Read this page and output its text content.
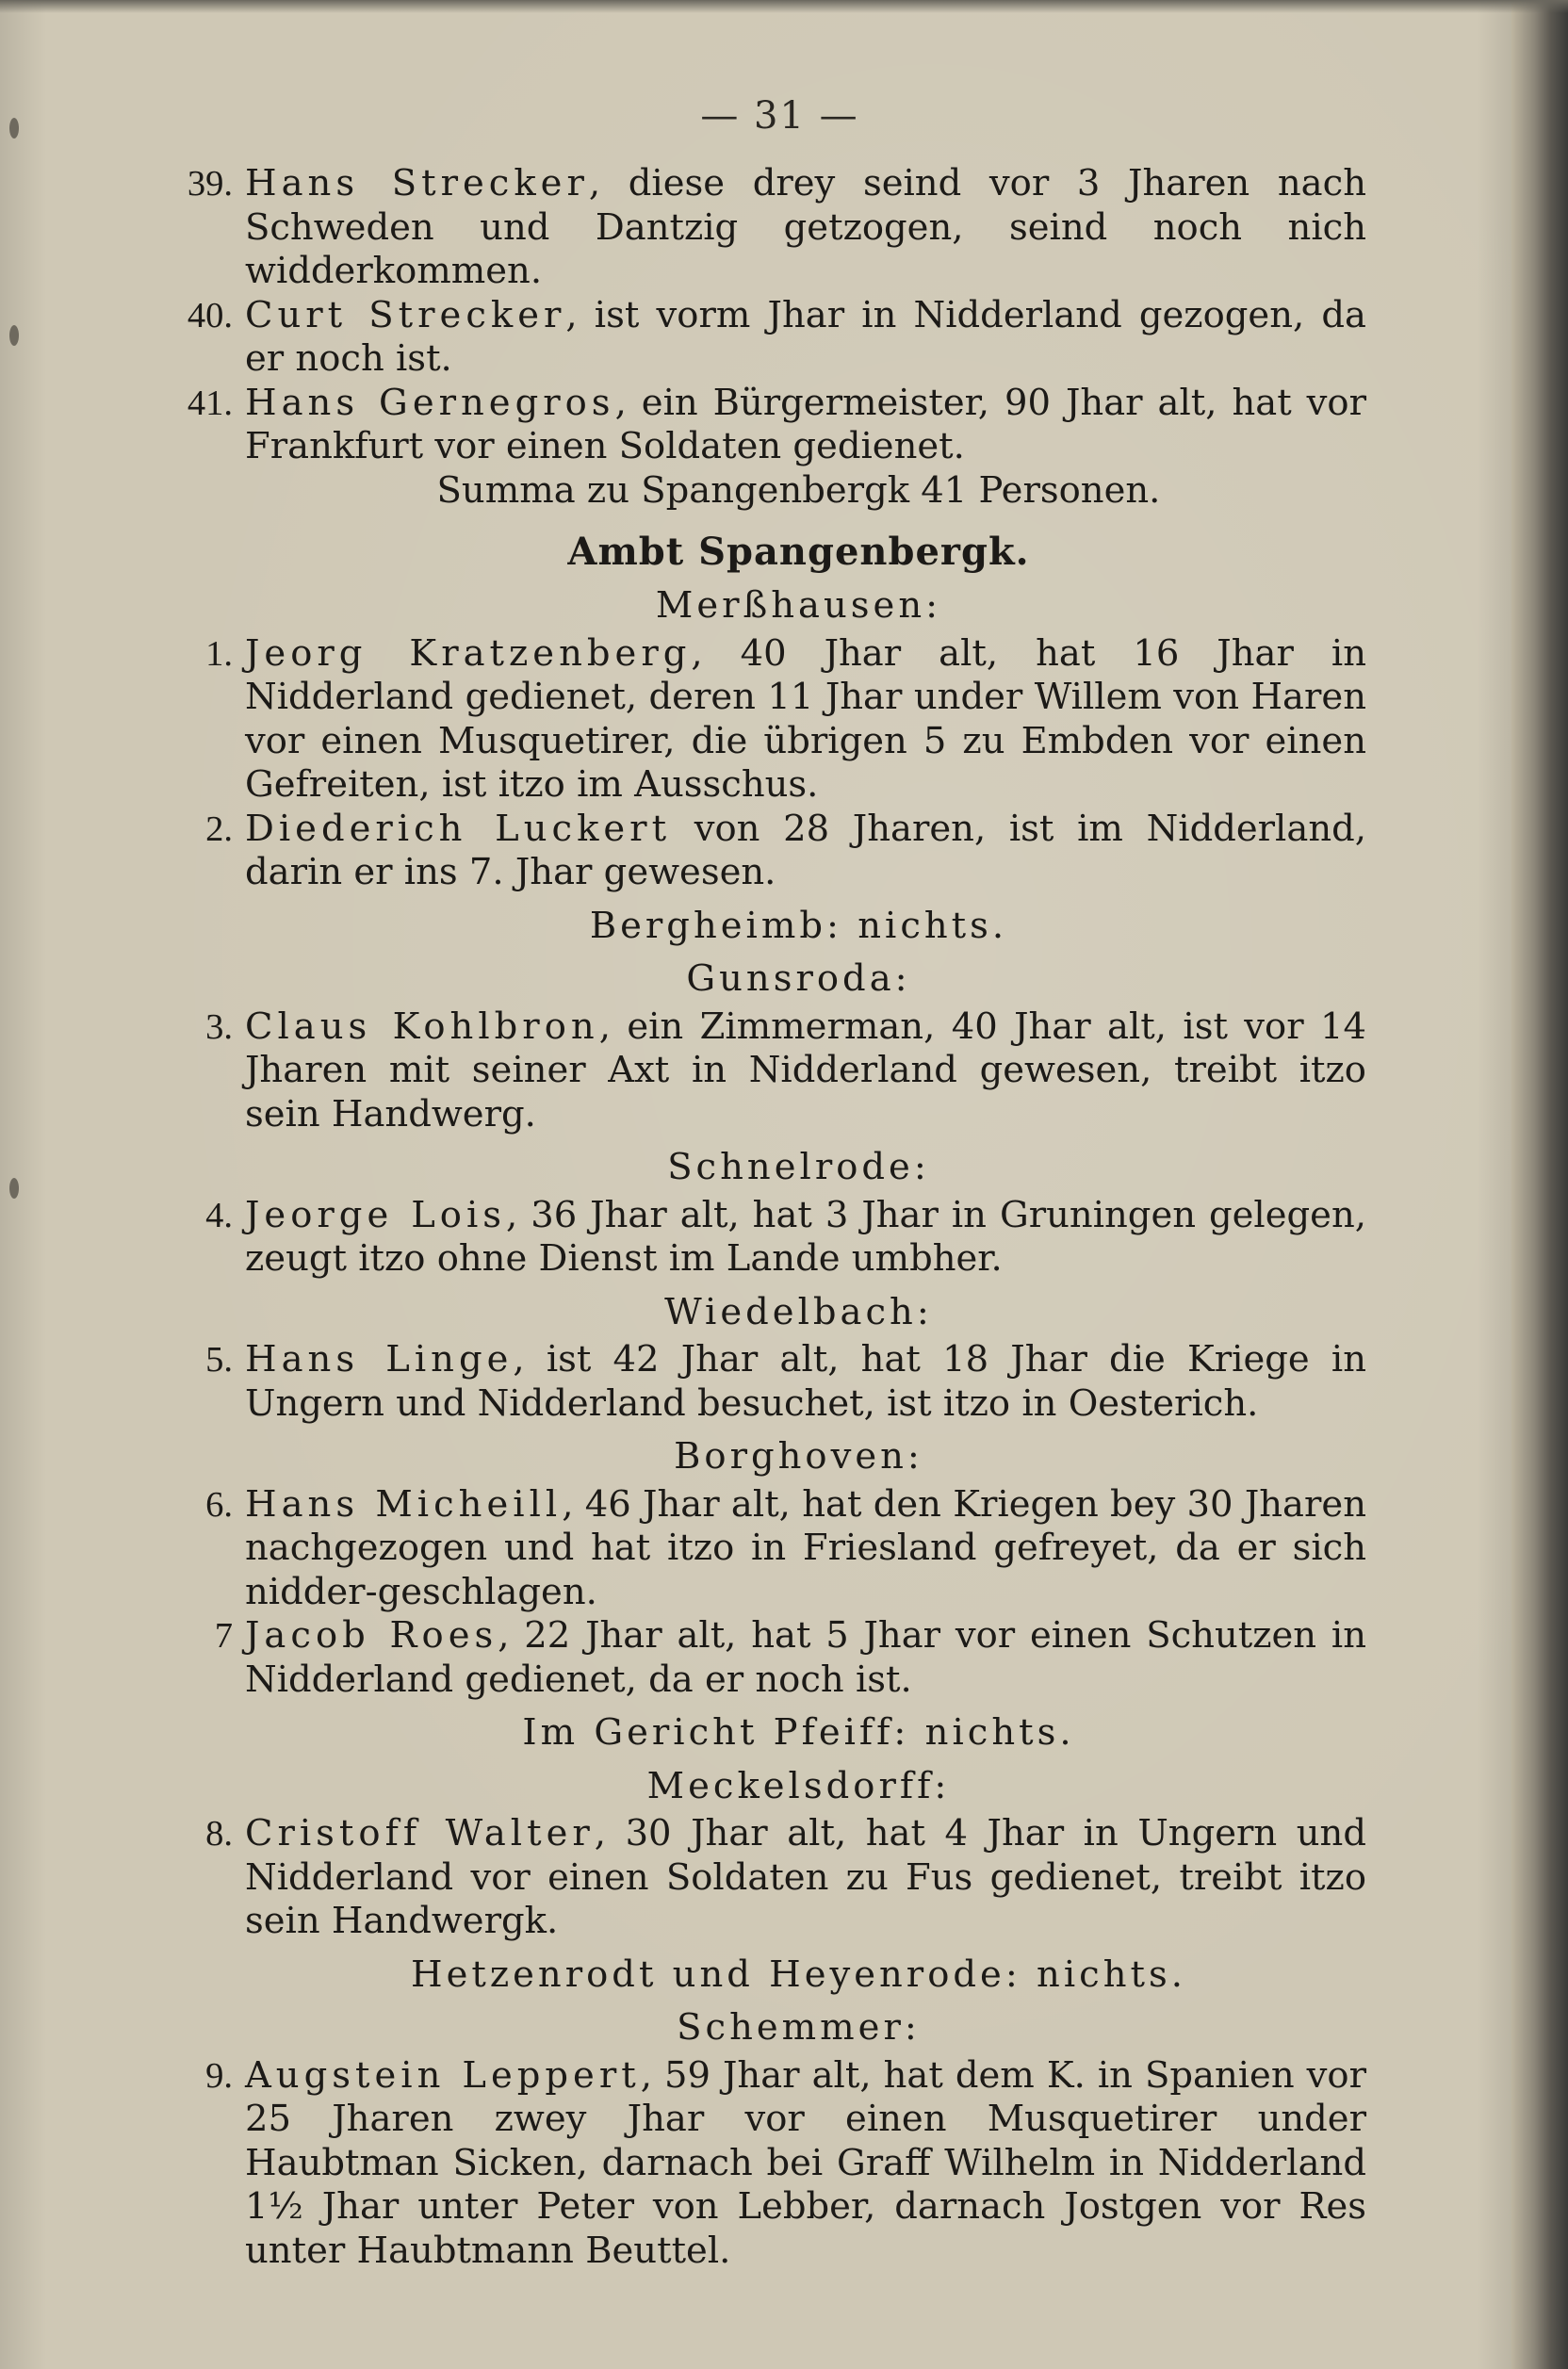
— 31 —
39. Hans Strecker, diese drey seind vor 3 Jharen nach Schweden und Dantzig getzogen, seind noch nich widderkommen.
40. Curt Strecker, ist vorm Jhar in Nidderland gezogen, da er noch ist.
41. Hans Gernegros, ein Bürgermeister, 90 Jhar alt, hat vor Frankfurt vor einen Soldaten gedienet.
Summa zu Spangenbergk 41 Personen.
Ambt Spangenbergk.
Merßhausen:
1. Jeorg Kratzenberg, 40 Jhar alt, hat 16 Jhar in Nidderland gedienet, deren 11 Jhar under Willem von Haren vor einen Musquetirer, die übrigen 5 zu Embden vor einen Gefreiten, ist itzo im Ausschus.
2. Diederich Luckert von 28 Jharen, ist im Nidderland, darin er ins 7. Jhar gewesen.
Bergheimb: nichts.
Gunsroda:
3. Claus Kohlbron, ein Zimmerman, 40 Jhar alt, ist vor 14 Jharen mit seiner Axt in Nidderland gewesen, treibt itzo sein Handwerg.
Schnelrode:
4. Jeorge Lois, 36 Jhar alt, hat 3 Jhar in Gruningen gelegen, zeugt itzo ohne Dienst im Lande umbher.
Wiedelbach:
5. Hans Linge, ist 42 Jhar alt, hat 18 Jhar die Kriege in Ungern und Nidderland besuchet, ist itzo in Oesterich.
Borghoven:
6. Hans Micheill, 46 Jhar alt, hat den Kriegen bey 30 Jharen nachgezogen und hat itzo in Friesland gefreyet, da er sich nidder-geschlagen.
7 Jacob Roes, 22 Jhar alt, hat 5 Jhar vor einen Schutzen in Nidderland gedienet, da er noch ist.
Im Gericht Pfeiff: nichts.
Meckelsdorff:
8. Cristoff Walter, 30 Jhar alt, hat 4 Jhar in Ungern und Nidderland vor einen Soldaten zu Fus gedienet, treibt itzo sein Handwergk.
Hetzenrodt und Heyenrode: nichts.
Schemmer:
9. Augstein Leppert, 59 Jhar alt, hat dem K. in Spanien vor 25 Jharen zwey Jhar vor einen Musquetirer under Haubtman Sicken, darnach bei Graff Wilhelm in Nidderland 1½ Jhar unter Peter von Lebber, darnach Jostgen vor Res unter Haubtmann Beuttel.
